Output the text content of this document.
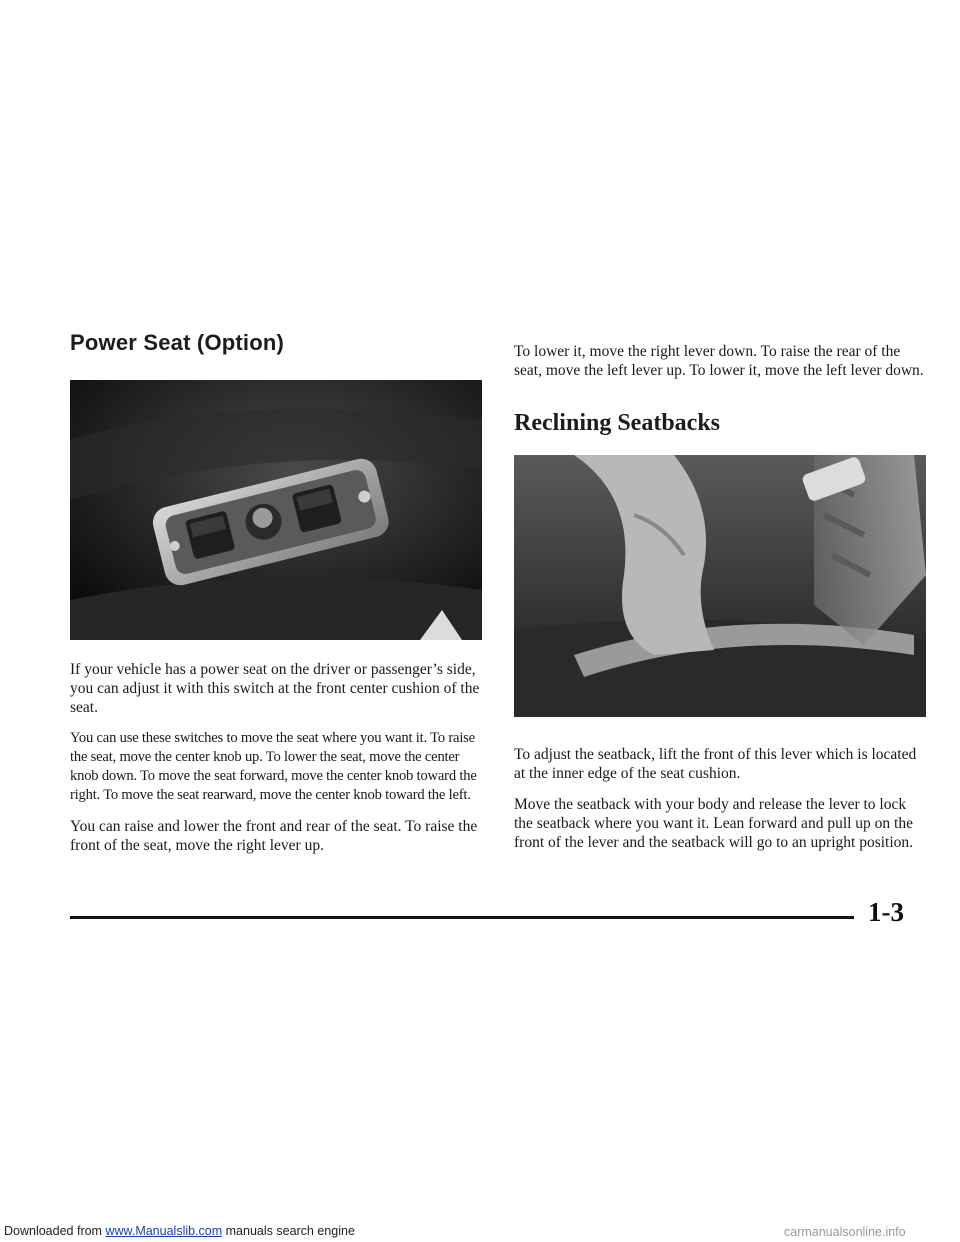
Power Seat (Option)

If your vehicle has a power seat on the driver or passenger’s side, you can adjust it with this switch at the front center cushion of the seat.

You can use these switches to move the seat where you want it. To raise the seat, move the center knob up. To lower the seat, move the center knob down. To move the seat forward, move the center knob toward the right. To move the seat rearward, move the center knob toward the left.

You can raise and lower the front and rear of the seat. To raise the front of the seat, move the right lever up.

To lower it, move the right lever down. To raise the rear of the seat, move the left lever up. To lower it, move the left lever down.

Reclining Seatbacks

To adjust the seatback, lift the front of this lever which is located at the inner edge of the seat cushion.

Move the seatback with your body and release the lever to lock the seatback where you want it. Lean forward and pull up on the front of the lever and the seatback will go to an upright position.

1-3
Downloaded from www.Manualslib.com manuals search engine	carmanualsonline.info
